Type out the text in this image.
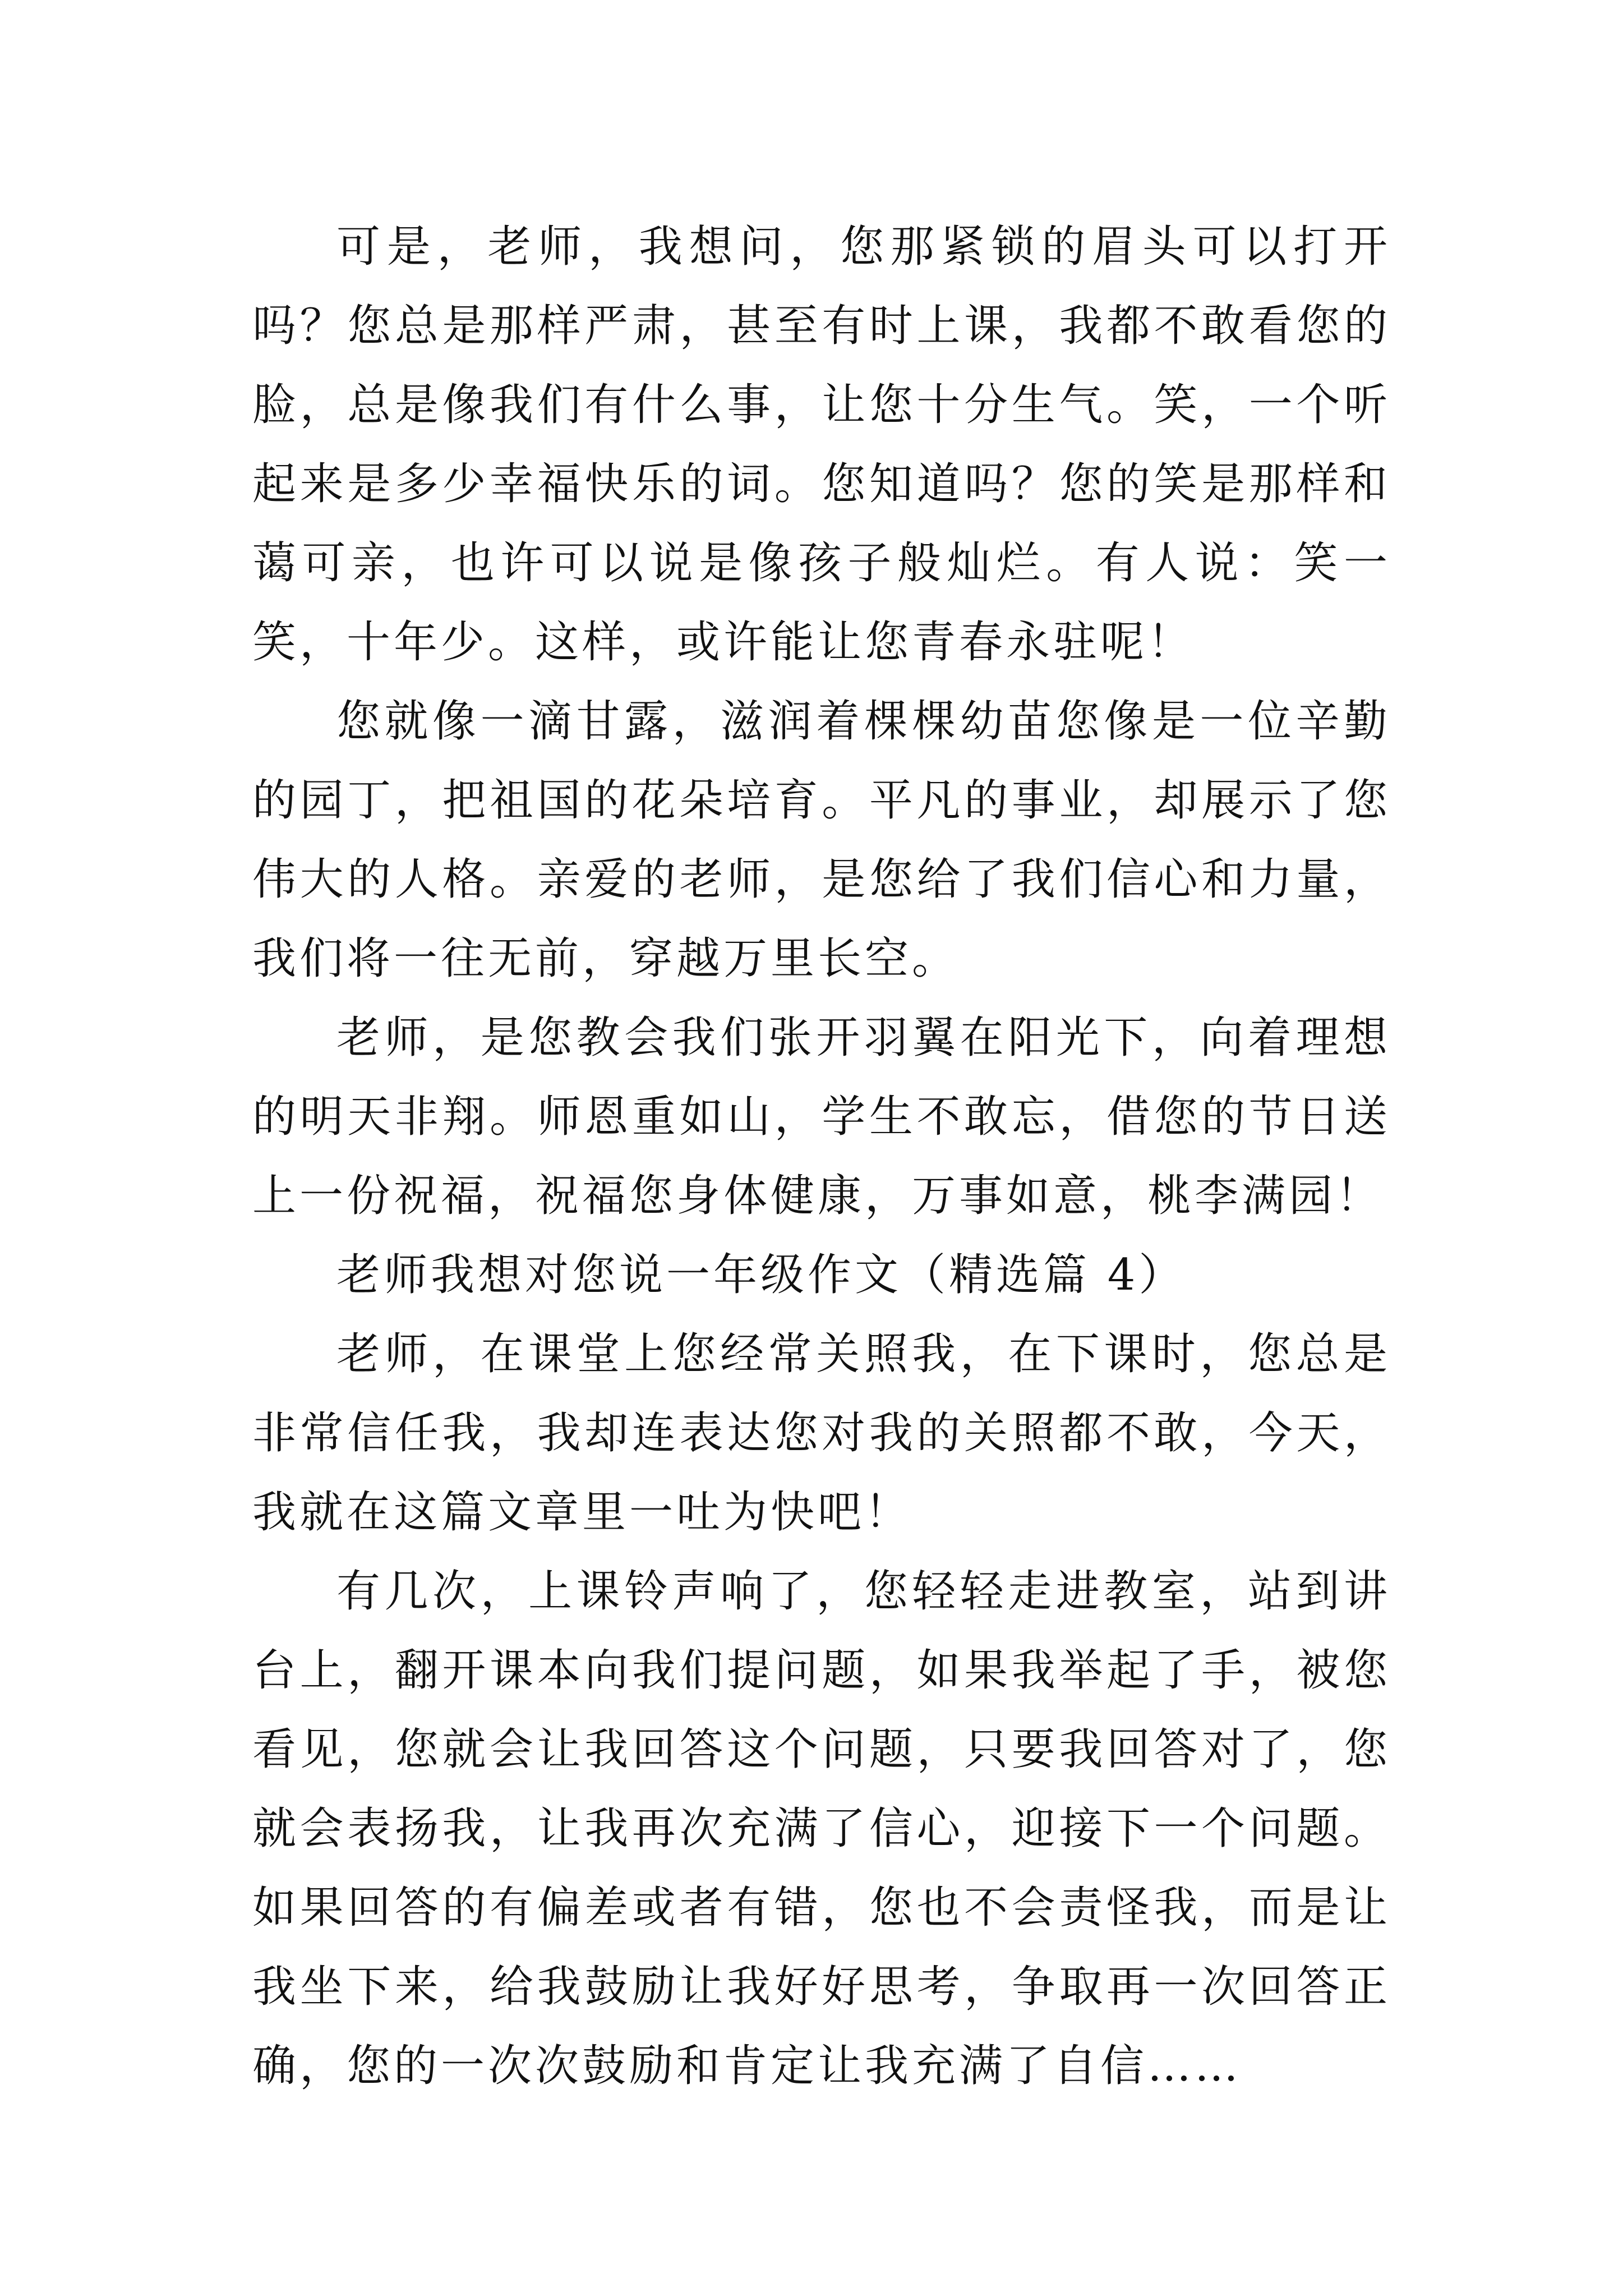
可是，老师，我想问，您那紧锁的眉头可以打开吗？您总是那样严肃，甚至有时上课，我都不敢看您的脸，总是像我们有什么事，让您十分生气。笑，一个听起来是多少幸福快乐的词。您知道吗？您的笑是那样和蔼可亲，也许可以说是像孩子般灿烂。有人说：笑一笑，十年少。这样，或许能让您青春永驻呢！

您就像一滴甘露，滋润着棵棵幼苗您像是一位辛勤的园丁，把祖国的花朵培育。平凡的事业，却展示了您伟大的人格。亲爱的老师，是您给了我们信心和力量，我们将一往无前，穿越万里长空。

老师，是您教会我们张开羽翼在阳光下，向着理想的明天非翔。师恩重如山，学生不敢忘，借您的节日送上一份祝福，祝福您身体健康，万事如意，桃李满园！

老师我想对您说一年级作文（精选篇 4）

老师，在课堂上您经常关照我，在下课时，您总是非常信任我，我却连表达您对我的关照都不敢，今天，我就在这篇文章里一吐为快吧！

有几次，上课铃声响了，您轻轻走进教室，站到讲台上，翻开课本向我们提问题，如果我举起了手，被您看见，您就会让我回答这个问题，只要我回答对了，您就会表扬我，让我再次充满了信心，迎接下一个问题。如果回答的有偏差或者有错，您也不会责怪我，而是让我坐下来，给我鼓励让我好好思考，争取再一次回答正确，您的一次次鼓励和肯定让我充满了自信……
